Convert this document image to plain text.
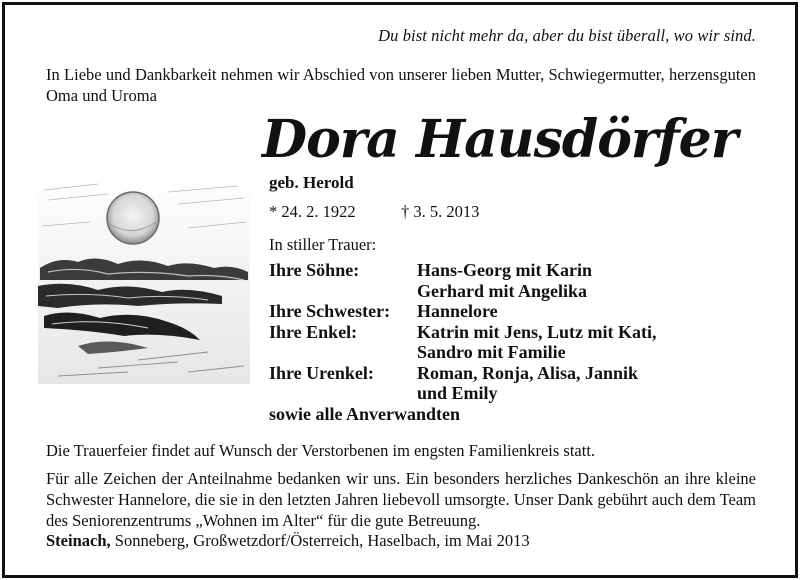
Du bist nicht mehr da, aber du bist überall, wo wir sind.
In Liebe und Dankbarkeit nehmen wir Abschied von unserer lieben Mutter, Schwiegermutter, herzensguten Oma und Uroma
Dora Hausdörfer
geb. Herold
* 24. 2. 1922	† 3. 5. 2013
In stiller Trauer:
Ihre Söhne:	Hans-Georg mit Karin
Gerhard mit Angelika
Ihre Schwester:	Hannelore
Ihre Enkel:	Katrin mit Jens, Lutz mit Kati,
Sandro mit Familie
Ihre Urenkel:	Roman, Ronja, Alisa, Jannik
und Emily
sowie alle Anverwandten
Die Trauerfeier findet auf Wunsch der Verstorbenen im engsten Familienkreis statt.
Für alle Zeichen der Anteilnahme bedanken wir uns. Ein besonders herzliches Dankeschön an ihre kleine Schwester Hannelore, die sie in den letzten Jahren liebevoll umsorgte. Unser Dank gebührt auch dem Team des Seniorenzentrums „Wohnen im Alter“ für die gute Betreuung.
Steinach, Sonneberg, Großwetzdorf/Österreich, Haselbach, im Mai 2013
